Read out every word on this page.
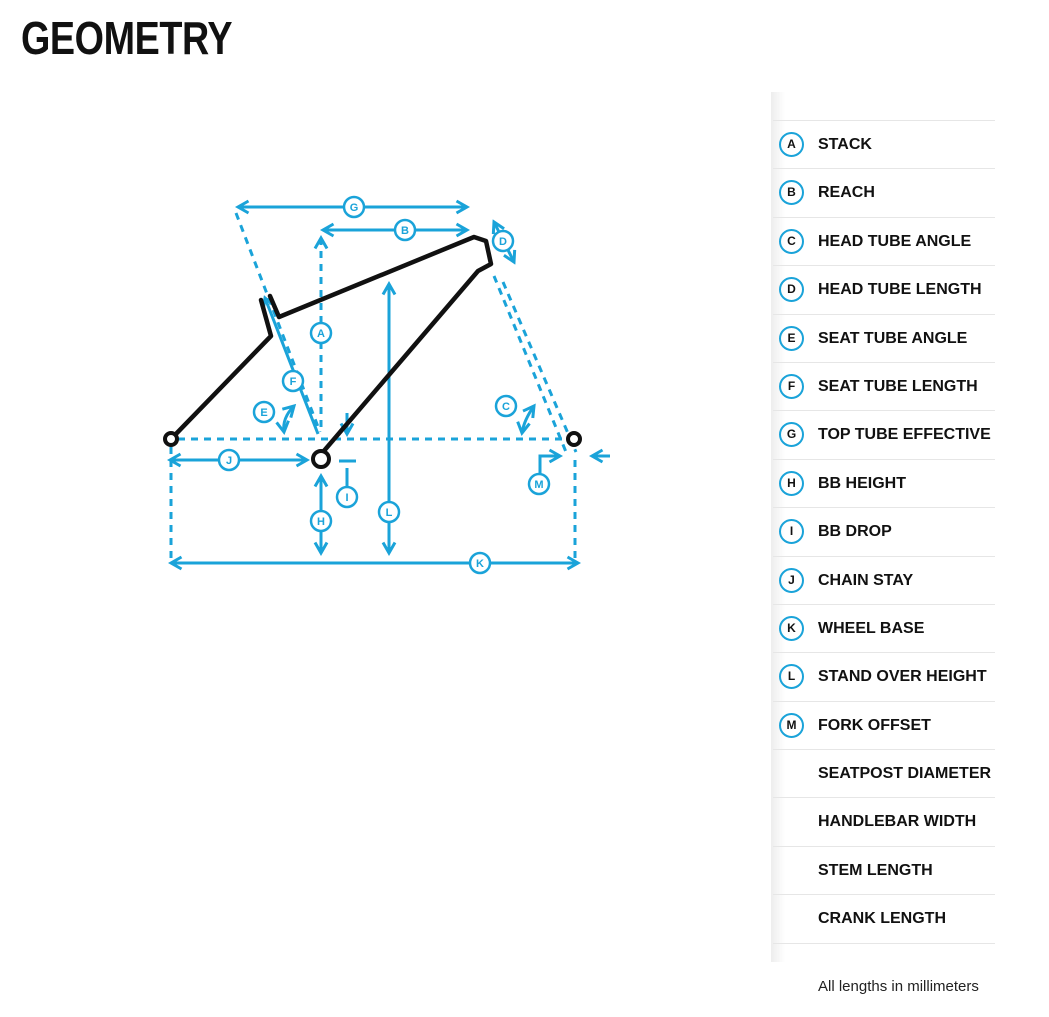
GEOMETRY
A
B
C
D
E
F
G
H
I
J
K
L
M
A	STACK
B	REACH
C	HEAD TUBE ANGLE
D	HEAD TUBE LENGTH
E	SEAT TUBE ANGLE
F	SEAT TUBE LENGTH
G	TOP TUBE EFFECTIVE
H	BB HEIGHT
I	BB DROP
J	CHAIN STAY
K	WHEEL BASE
L	STAND OVER HEIGHT
M	FORK OFFSET
SEATPOST DIAMETER
HANDLEBAR WIDTH
STEM LENGTH
CRANK LENGTH
All lengths in millimeters
